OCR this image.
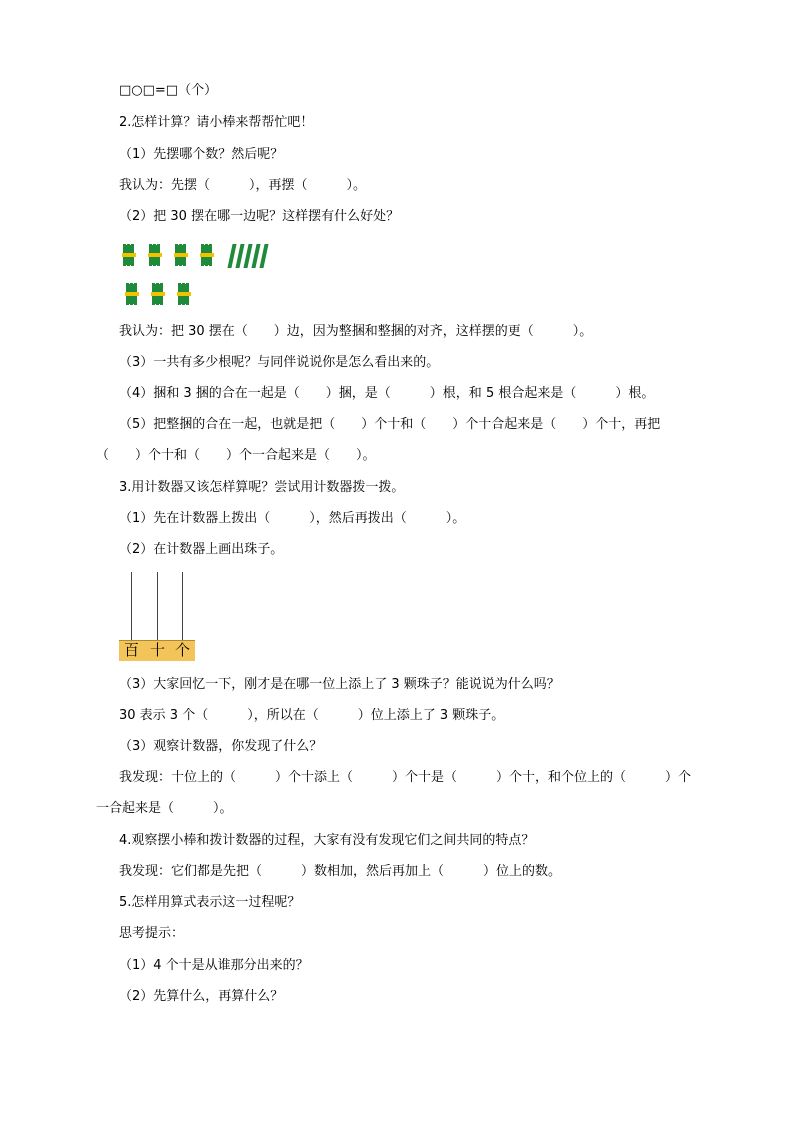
□○□=□（个）

2.怎样计算？请小棒来帮帮忙吧！

（1）先摆哪个数？然后呢？

我认为：先摆（　　　），再摆（　　　）。

（2）把 30 摆在哪一边呢？这样摆有什么好处？

我认为：把 30 摆在（　　）边，因为整捆和整捆的对齐，这样摆的更（　　　）。

（3）一共有多少根呢？与同伴说说你是怎么看出来的。

（4）捆和 3 捆的合在一起是（　　）捆，是（　　　）根，和 5 根合起来是（　　　）根。

（5）把整捆的合在一起，也就是把（　　）个十和（　　）个十合起来是（　　）个十，再把

（　　）个十和（　　）个一合起来是（　　）。

3.用计数器又该怎样算呢？尝试用计数器拨一拨。

（1）先在计数器上拨出（　　　），然后再拨出（　　　）。

（2）在计数器上画出珠子。

百 十 个

（3）大家回忆一下，刚才是在哪一位上添上了 3 颗珠子？能说说为什么吗？

30 表示 3 个（　　　），所以在（　　　）位上添上了 3 颗珠子。

（3）观察计数器，你发现了什么？

我发现：十位上的（　　　）个十添上（　　　）个十是（　　　）个十，和个位上的（　　　）个

一合起来是（　　　）。

4.观察摆小棒和拨计数器的过程，大家有没有发现它们之间共同的特点？

我发现：它们都是先把（　　　）数相加，然后再加上（　　　）位上的数。

5.怎样用算式表示这一过程呢？

思考提示：

（1）4 个十是从谁那分出来的？

（2）先算什么，再算什么？
